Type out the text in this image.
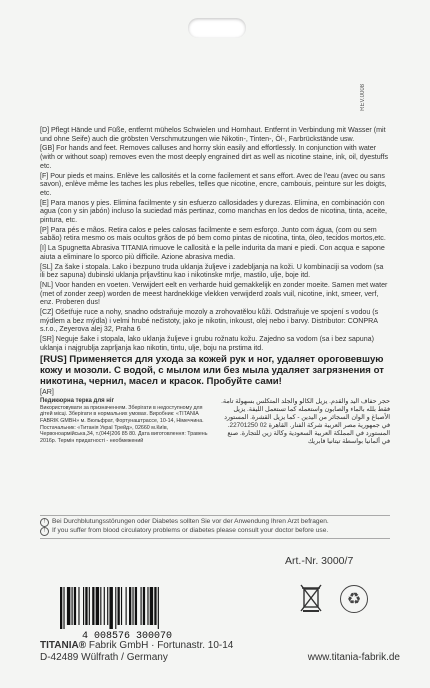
REV.0008

[D] Pflegt Hände und Füße, entfernt mühelos Schwielen und Hornhaut. Entfernt in Verbindung mit Wasser (mit und ohne Seife) auch die gröbsten Verschmutzungen wie Nikotin-, Tinten-, Öl-, Farbrückstände usw.

[GB] For hands and feet. Removes calluses and horny skin easily and effortlessly. In conjunction with water (with or without soap) removes even the most deeply engrained dirt as well as nicotine staine, ink, oil, dyestuffs etc.

[F] Pour pieds et mains. Enlève les callosités et la corne facilement et sans effort. Avec de l'eau (avec ou sans savon), enlève même les taches les plus rebelles, telles que nicotine, encre, cambouis, peinture sur les doigts, etc.

[E] Para manos y pies. Elimina facilmente y sin esfuerzo callosidades y durezas. Elimina, en combinación con agua (con y sin jabón) incluso la suciedad más pertinaz, como manchas en los dedos de nicotina, tinta, aceite, pintura, etc.

[P] Para pés e mãos. Retira calos e peles calosas facilmente e sem esforço. Junto com água, (com ou sem sabão) retira mesmo os mais ocultos grãos de pó bem como pintas de nicotina, tinta, óleo, tecidos mortos,etc.

[I] La Spugnetta Abrasiva TITANIA rimuove le callosità e la pelle indurita da mani e piedi. Con acqua e sapone aiuta a eliminare lo sporco più difficile. Azione abrasiva media.

[SL] Za šake i stopala. Lako i bezpuno truda uklanja žuljeve i zadebljanja na koži. U kombinaciji sa vodom (sa ili bez sapuna) dubinski uklanja prljavštinu kao i nikotinske mrlje, mastilo, ulje, boje itd.

[NL] Voor handen en voeten. Verwijdert eelt en verharde huid gemakkelijk en zonder moeite. Samen met water (met of zonder zeep) worden de meest hardnekkige vlekken verwijderd zoals vuil, nicotine, inkt, smeer, verf, enz. Proberen dus!

[CZ] Ošetřuje ruce a nohy, snadno odstraňuje mozoly a zrohovatělou kůži. Odstraňuje ve spojení s vodou (s mýdlem a bez mýdla) i velmi hrubé nečistoty, jako je nikotin, inkoust, olej nebo i barvy. Distributor: CONPRA s.r.o., Zeyerova alej 32, Praha 6

[SR] Neguje šake i stopala, lako uklanja žuljeve i grubu rožnatu kožu. Zajedno sa vodom (sa i bez sapuna) uklanja i najgrublja zaprljanja kao nikotin, tintu, ulje, boju na prstima itd.

[RUS] Применяется для ухода за кожей рук и ног, удаляет ороговевшую кожу и мозоли. С водой, с мылом или без мыла удаляет загрязнения от никотина, чернил, масел и красок. Пробуйте сами!

[AR]

Педикюрна терка для ніг
Використовувати за призначенням. Зберігати в недоступному для дітей місці. Зберігати в нормальних умовах. Виробник: «TITANIA FABRIK GMBH» м. Вюльфрат, Фортунаштрассе, 10-14, Німеччина. Постачальник: «Титанія Украї Трейд», 02660 м.Київ, Червоноармійська,34, т.(044)206 85 80. Дата виготовлення: Травень 2016р. Термін придатності - необмежений
حجر حفاف اليد والقدم. يزيل الكالو والجلد المتكلس بسهولة تامة. فقط بلله بالماء والصابون واستعمله كما تستعمل الليفة. يزيل الأصباغ و الوان السجائر من اليدين - كما يزيل القشرة. المستورد في جمهورية مصر العربية شركة الفنار. القاهرة 02 22701250. المستورد في المملكة العربية السعودية وكالة زين للتجارة. صنع في ألمانيا بواسطة تيتانيا فابريك
!	Bei Durchblutungsstörungen oder Diabetes sollten Sie vor der Anwendung Ihren Arzt befragen.
!	If you suffer from blood circulatory problems or diabetes please consult your doctor before use.
Art.-Nr. 3000/7
4 008576 300070
♻
TITANIA® Fabrik GmbH · Fortunastr. 10-14
D-42489 Wülfrath / Germany	www.titania-fabrik.de
